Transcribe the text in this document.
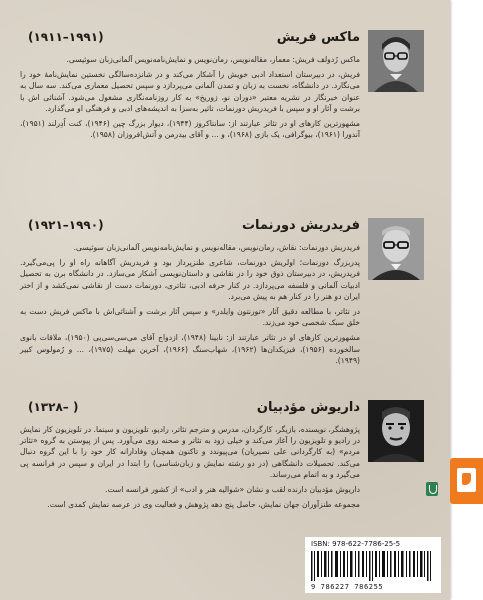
ماکس فریش
(۱۹۱۱–۱۹۹۱)

ماکس رُدولف فریش: معمار، مقاله‌نویس، رمان‌نویس و نمایش‌نامه‌نویس آلمانی‌زبان سوئیسی.

فریش، در دبیرستان استعداد ادبی خویش را آشکار می‌کند و در شانزده‌سالگی نخستین نمایش‌نامهٔ خود را می‌نگارد. در دانشگاه، نخست به زبان و تمدن آلمانی می‌پردازد و سپس تحصیل معماری می‌کند. سه سال به عنوان خبرنگار در نشریه معتبر «دوران نو، زوریخ» به کار روزنامه‌نگاری مشغول می‌شود. آشنائی اش با برشت و آثار او و سپس با فریدریش دورنمات، تاثیر به‌سزا به اندیشه‌های ادبی و فرهنگی او می‌گذارد.

مشهورترین کارهای او در تئاتر عبارتند از: سانتاکروز (۱۹۴۴)، دیوار بزرگ چین (۱۹۴۶)، کنت اُدِرلند (۱۹۵۱)، آندورا (۱۹۶۱)، بیوگرافی، یک بازی (۱۹۶۸)، و ... و آقای بیدرمن و آتش‌افروزان (۱۹۵۸).

فریدریش دورنمات
(۱۹۲۱–۱۹۹۰)

فریدریش دورنمات: نقاش، رمان‌نویس، مقاله‌نویس و نمایش‌نامه‌نویس آلمانی‌زبان سوئیسی.

پدربزرگ دورنمات؛ اولریش دورنمات، شاعری طنزپرداز بود و فریدریش آگاهانه راه او را پی‌می‌گیرد. فریدریش، در دبیرستان ذوق خود را در نقاشی و داستان‌نویسی آشکار می‌سازد. در دانشگاه برن به تحصیل ادبیات آلمانی و فلسفه می‌پردازد. در کنار حرفه ادبی، تئاتری، دورنمات دست از نقاشی نمی‌کشد و از اختر ایران دو هنر را در کنار هم به پیش می‌برد.

در تئاتر، با مطالعه دقیق آثار «تورنتون وایلدر» و سپس آثار برشت و آشنائی‌اش با ماکس فریش دست به خلق سبک شخصی خود می‌زند.

مشهورترین کارهای او در تئاتر عبارتند از: نابینا (۱۹۴۸)، ازدواج آقای می‌سی‌سی‌پی (۱۹۵۰)، ملاقات بانوی سالخورده (۱۹۵۶)، فیزیکدان‌ها (۱۹۶۲)، شهاب‌سنگ (۱۹۶۶)، آخرین مهلت (۱۹۷۵)، ... و رُمولوس کبیر (۱۹۴۹).

داریوش مؤدبیان
(۱۳۲۸– )

پژوهشگر، نویسنده، بازیگر، کارگردان، مدرس و مترجم تئاتر، رادیو، تلویزیون و سینما. در تلویزیون کار نمایش در رادیو و تلویزیون را آغاز می‌کند و خیلی زود به تئاتر و صحنه روی می‌آورد. پس از پیوستن به گروه «تئاتر مردم» (به کارگردانی علی نصیریان) می‌پیوندد و تاکنون همچنان وفادارانه کار خود را با این گروه دنبال می‌کند. تحصیلات دانشگاهی (در دو رشته نمایش و زبان‌شناسی) را ابتدا در ایران و سپس در فرانسه پی می‌گیرد و به اتمام می‌رساند.

داریوش مؤدبیان دارنده لقب و نشان «شوالیه هنر و ادب» از کشور فرانسه است.

مجموعه طنزآوران جهان نمایش، حاصل پنج دهه پژوهش و فعالیت وی در عرصه نمایش کمدی است.

ISBN: 978-622-7786-25-5
9 786227 786255
